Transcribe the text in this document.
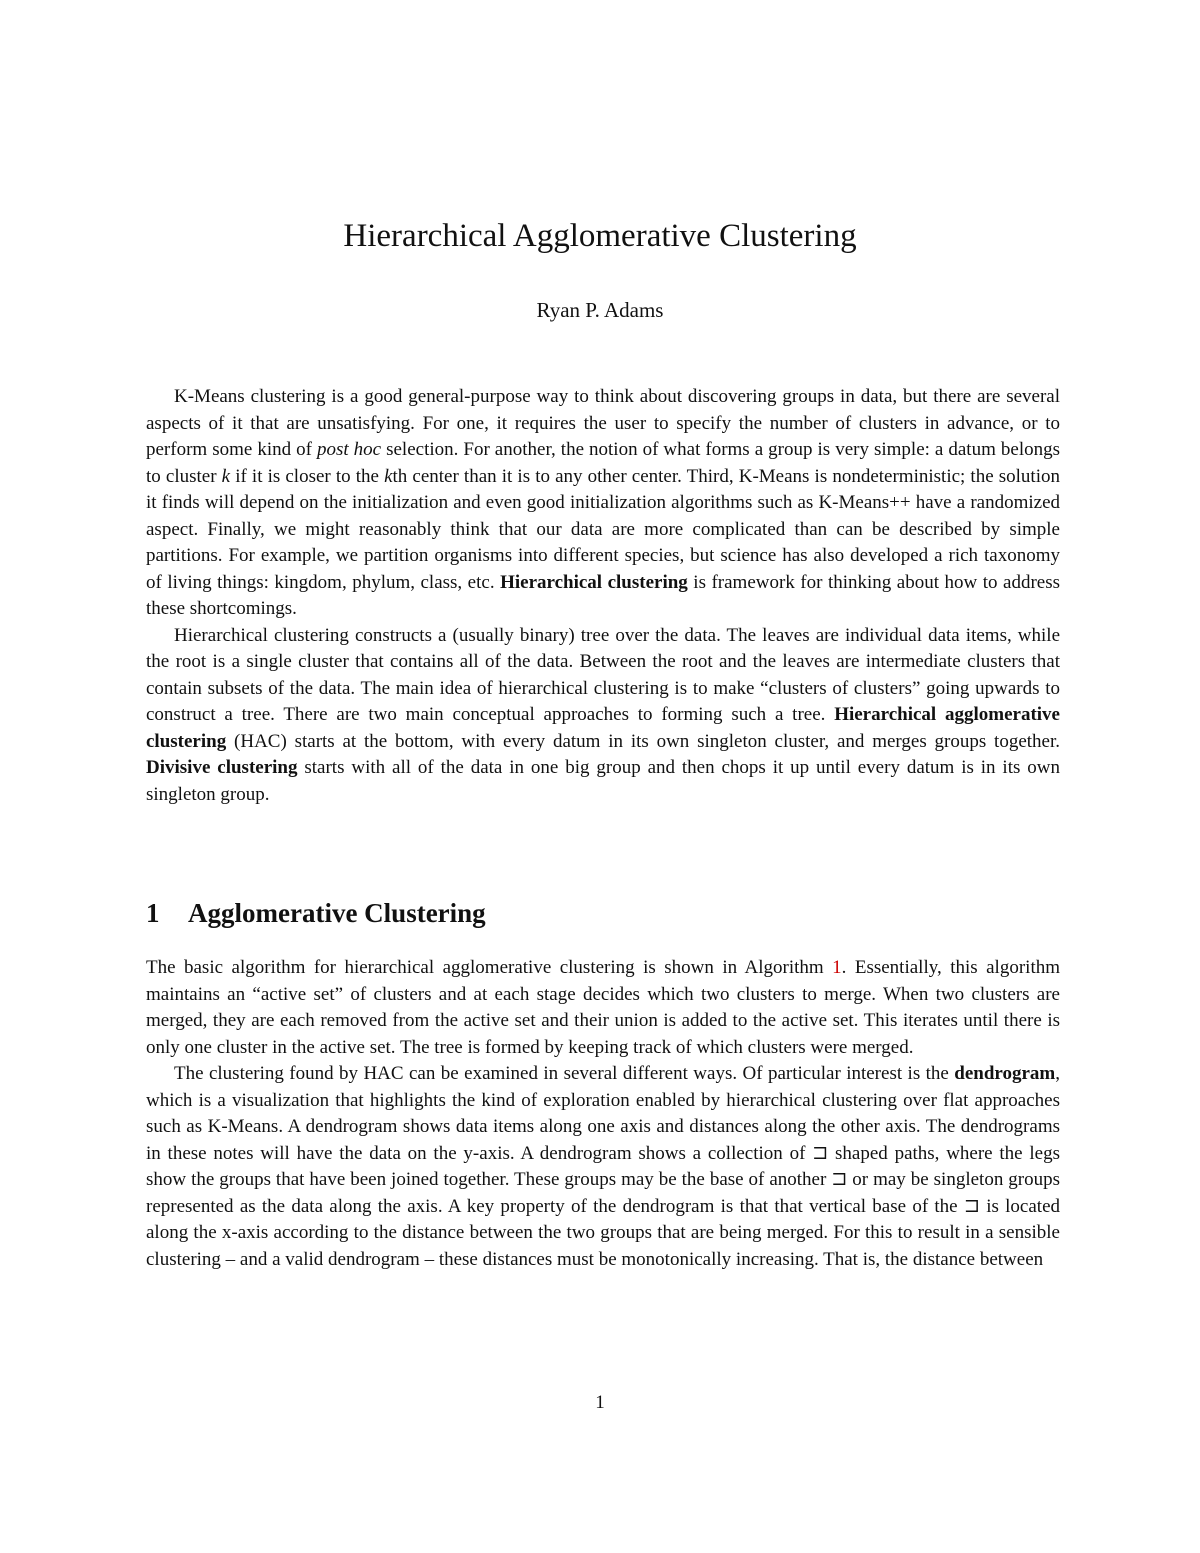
Hierarchical Agglomerative Clustering
Ryan P. Adams

K-Means clustering is a good general-purpose way to think about discovering groups in data, but there are several aspects of it that are unsatisfying. For one, it requires the user to specify the number of clusters in advance, or to perform some kind of post hoc selection. For another, the notion of what forms a group is very simple: a datum belongs to cluster k if it is closer to the kth center than it is to any other center. Third, K-Means is nondeterministic; the solution it finds will depend on the initialization and even good initialization algorithms such as K-Means++ have a randomized aspect. Finally, we might reasonably think that our data are more complicated than can be described by simple partitions. For example, we partition organisms into different species, but science has also developed a rich taxonomy of living things: kingdom, phylum, class, etc. Hierarchical clustering is framework for thinking about how to address these shortcomings.

Hierarchical clustering constructs a (usually binary) tree over the data. The leaves are individual data items, while the root is a single cluster that contains all of the data. Between the root and the leaves are intermediate clusters that contain subsets of the data. The main idea of hierarchical clustering is to make “clusters of clusters” going upwards to construct a tree. There are two main conceptual approaches to forming such a tree. Hierarchical agglomerative clustering (HAC) starts at the bottom, with every datum in its own singleton cluster, and merges groups together. Divisive clustering starts with all of the data in one big group and then chops it up until every datum is in its own singleton group.

1 Agglomerative Clustering

The basic algorithm for hierarchical agglomerative clustering is shown in Algorithm 1. Essentially, this algorithm maintains an “active set” of clusters and at each stage decides which two clusters to merge. When two clusters are merged, they are each removed from the active set and their union is added to the active set. This iterates until there is only one cluster in the active set. The tree is formed by keeping track of which clusters were merged.

The clustering found by HAC can be examined in several different ways. Of particular interest is the dendrogram, which is a visualization that highlights the kind of exploration enabled by hierarchical clustering over flat approaches such as K-Means. A dendrogram shows data items along one axis and distances along the other axis. The dendrograms in these notes will have the data on the y-axis. A dendrogram shows a collection of ⊐ shaped paths, where the legs show the groups that have been joined together. These groups may be the base of another ⊐ or may be singleton groups represented as the data along the axis. A key property of the dendrogram is that that vertical base of the ⊐ is located along the x-axis according to the distance between the two groups that are being merged. For this to result in a sensible clustering – and a valid dendrogram – these distances must be monotonically increasing. That is, the distance between

1
